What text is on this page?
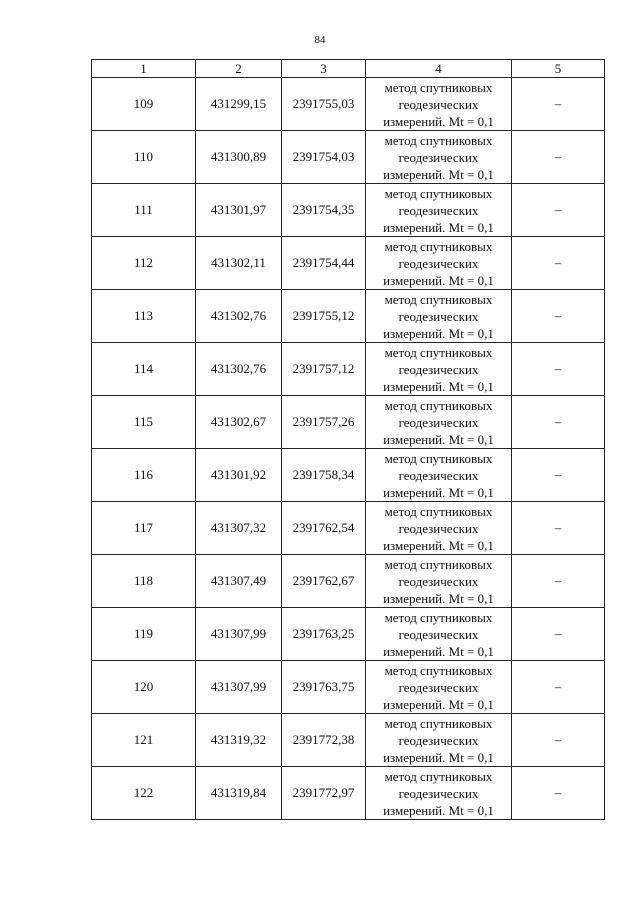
84
1	2	3	4	5
109	431299,15	2391755,03	метод спутниковых
геодезических
измерений. Mt = 0,1	–
110	431300,89	2391754,03	метод спутниковых
геодезических
измерений. Mt = 0,1	–
111	431301,97	2391754,35	метод спутниковых
геодезических
измерений. Mt = 0,1	–
112	431302,11	2391754,44	метод спутниковых
геодезических
измерений. Mt = 0,1	–
113	431302,76	2391755,12	метод спутниковых
геодезических
измерений. Mt = 0,1	–
114	431302,76	2391757,12	метод спутниковых
геодезических
измерений. Mt = 0,1	–
115	431302,67	2391757,26	метод спутниковых
геодезических
измерений. Mt = 0,1	–
116	431301,92	2391758,34	метод спутниковых
геодезических
измерений. Mt = 0,1	–
117	431307,32	2391762,54	метод спутниковых
геодезических
измерений. Mt = 0,1	–
118	431307,49	2391762,67	метод спутниковых
геодезических
измерений. Mt = 0,1	–
119	431307,99	2391763,25	метод спутниковых
геодезических
измерений. Mt = 0,1	–
120	431307,99	2391763,75	метод спутниковых
геодезических
измерений. Mt = 0,1	–
121	431319,32	2391772,38	метод спутниковых
геодезических
измерений. Mt = 0,1	–
122	431319,84	2391772,97	метод спутниковых
геодезических
измерений. Mt = 0,1	–
